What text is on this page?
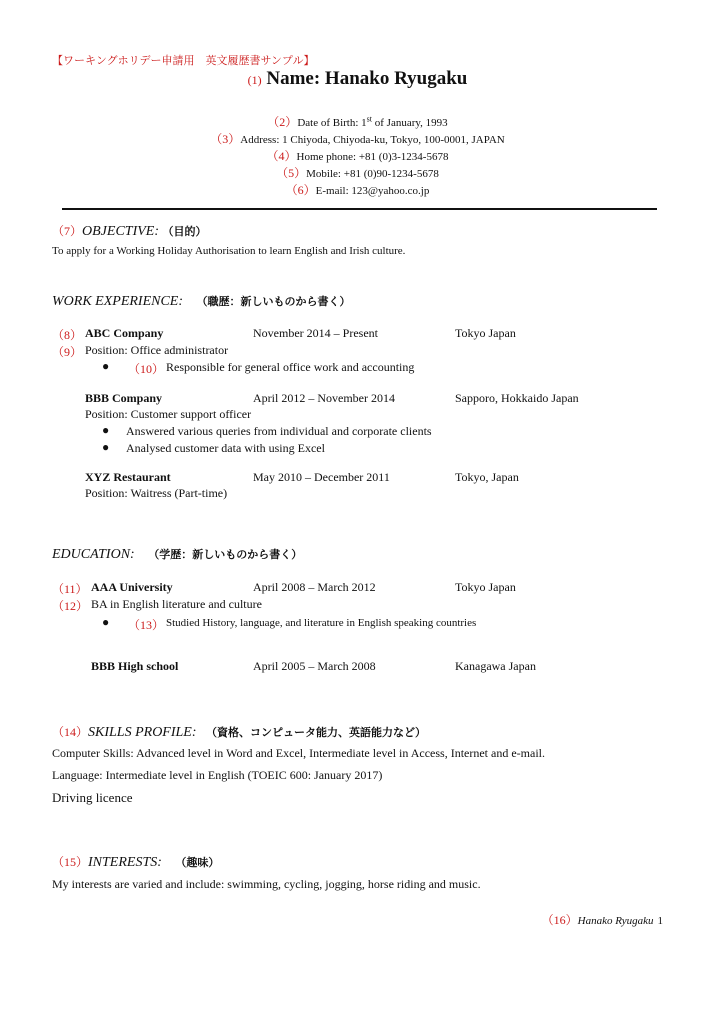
【ワーキングホリデー申請用　英文履歴書サンプル】
(1) Name: Hanako Ryugaku
（2）Date of Birth: 1st of January, 1993
（3）Address: 1 Chiyoda, Chiyoda-ku, Tokyo, 100-0001, JAPAN
（4）Home phone: +81 (0)3-1234-5678
（5）Mobile: +81 (0)90-1234-5678
（6）E-mail: 123@yahoo.co.jp
（7）OBJECTIVE: （目的）
To apply for a Working Holiday Authorisation to learn English and Irish culture.
WORK EXPERIENCE: （職歴：新しいものから書く）
（8） ABC Company	November 2014 – Present	Tokyo Japan
（9） Position: Office administrator
● （10） Responsible for general office work and accounting
BBB Company	April 2012 – November 2014	Sapporo, Hokkaido Japan
Position: Customer support officer
● Answered various queries from individual and corporate clients
● Analysed customer data with using Excel
XYZ Restaurant	May 2010 – December 2011	Tokyo, Japan
Position: Waitress (Part-time)
EDUCATION: （学歴：新しいものから書く）
（11） AAA University	April 2008 – March 2012	Tokyo Japan
（12） BA in English literature and culture
● （13） Studied History, language, and literature in English speaking countries
BBB High school	April 2005 – March 2008	Kanagawa Japan
（14）SKILLS PROFILE: （資格、コンピュータ能力、英語能力など）
Computer Skills: Advanced level in Word and Excel, Intermediate level in Access, Internet and e-mail.
Language: Intermediate level in English (TOEIC 600: January 2017)
Driving licence
（15）INTERESTS: （趣味）
My interests are varied and include: swimming, cycling, jogging, horse riding and music.
（16）Hanako Ryugaku 1
